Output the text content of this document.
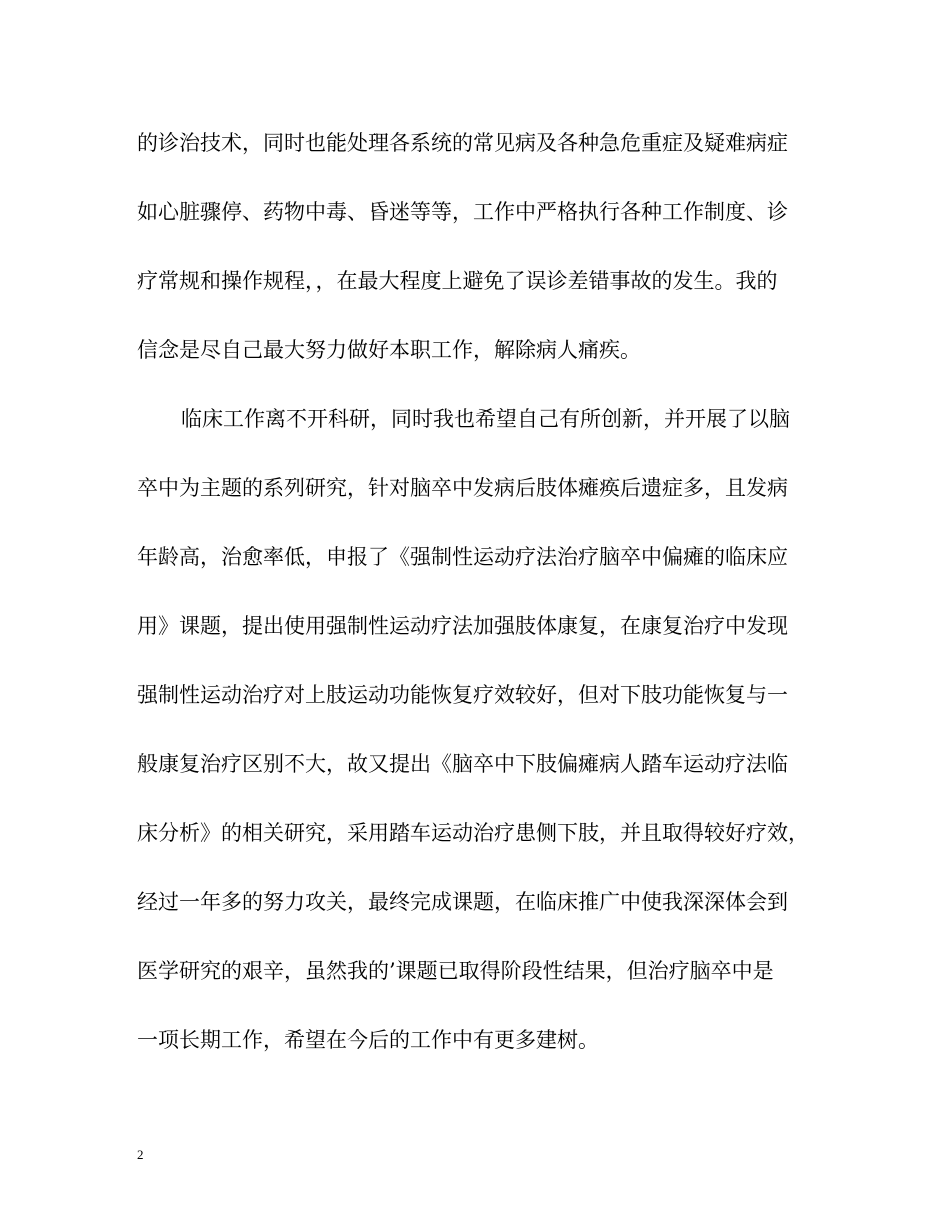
的诊治技术，同时也能处理各系统的常见病及各种急危重症及疑难病症
如心脏骤停、药物中毒、昏迷等等，工作中严格执行各种工作制度、诊
疗常规和操作规程，，在最大程度上避免了误诊差错事故的发生。我的
信念是尽自己最大努力做好本职工作，解除病人痛疾。
临床工作离不开科研，同时我也希望自己有所创新，并开展了以脑
卒中为主题的系列研究，针对脑卒中发病后肢体瘫痪后遗症多，且发病
年龄高，治愈率低，申报了《强制性运动疗法治疗脑卒中偏瘫的临床应
用》课题，提出使用强制性运动疗法加强肢体康复，在康复治疗中发现
强制性运动治疗对上肢运动功能恢复疗效较好，但对下肢功能恢复与一
般康复治疗区别不大，故又提出《脑卒中下肢偏瘫病人踏车运动疗法临
床分析》的相关研究，采用踏车运动治疗患侧下肢，并且取得较好疗效，
经过一年多的努力攻关，最终完成课题，在临床推广中使我深深体会到
医学研究的艰辛，虽然我的’课题已取得阶段性结果，但治疗脑卒中是
一项长期工作，希望在今后的工作中有更多建树。
2
